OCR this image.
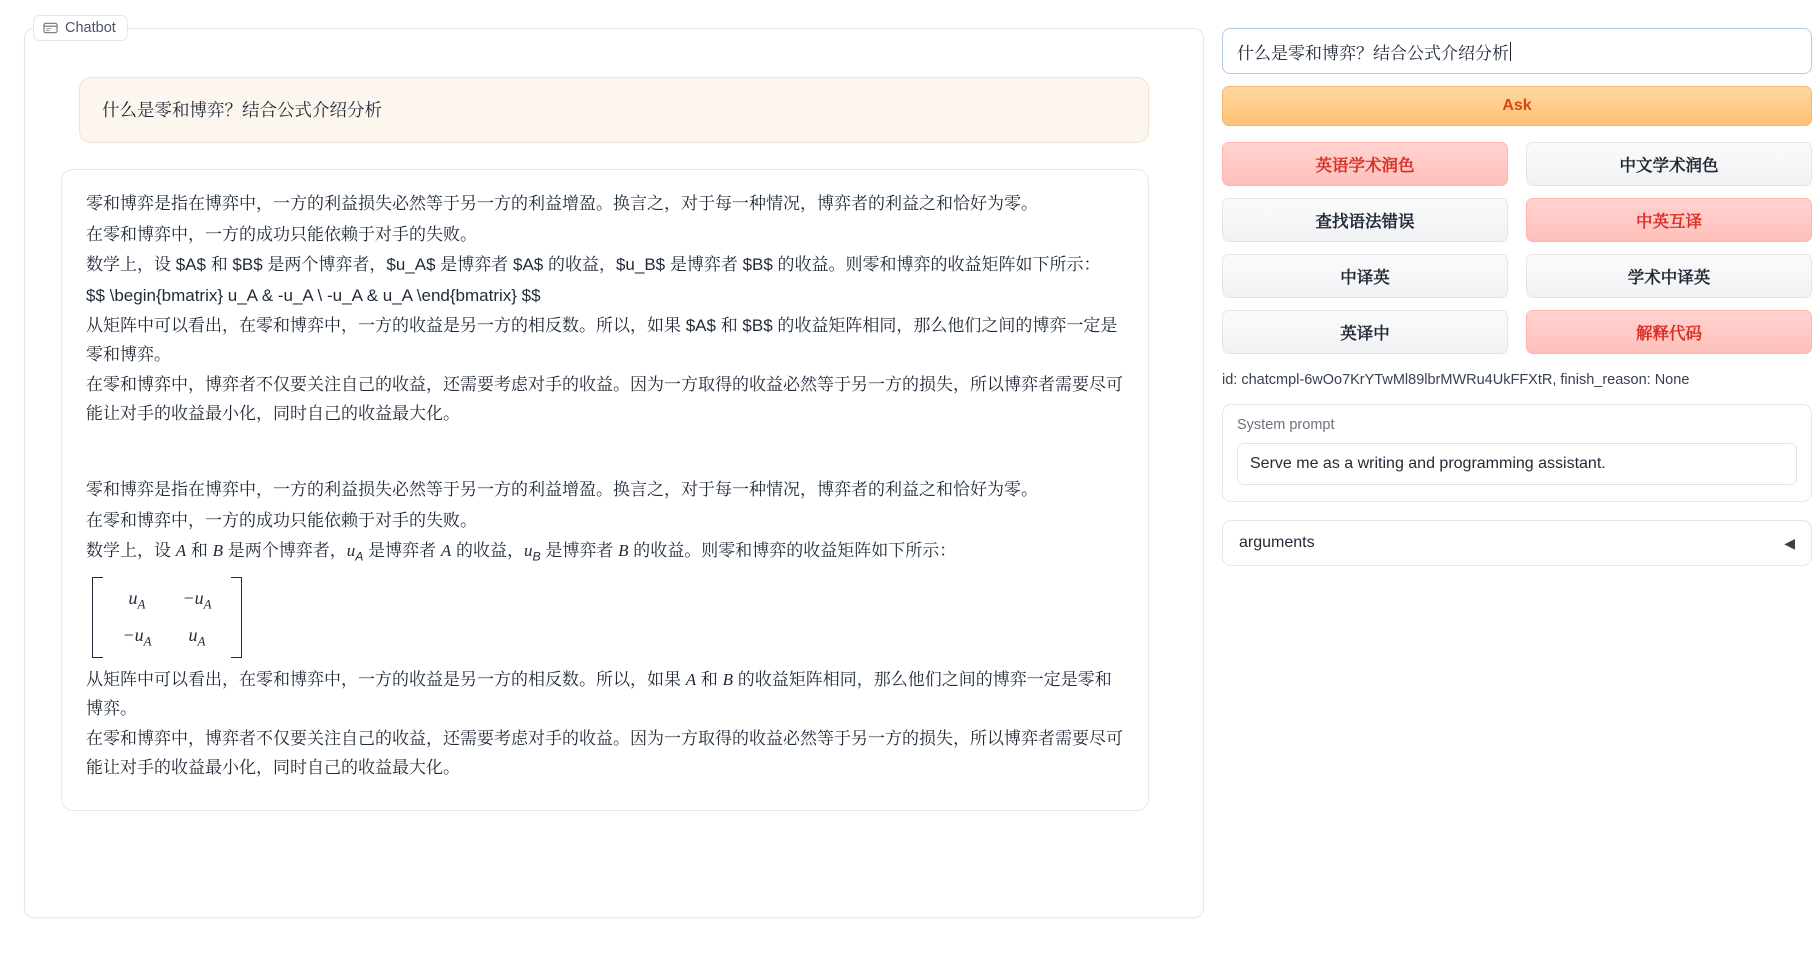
Chatbot
什么是零和博弈？结合公式介绍分析

零和博弈是指在博弈中，一方的利益损失必然等于另一方的利益增盈。换言之，对于每一种情况，博弈者的利益之和恰好为零。

在零和博弈中，一方的成功只能依赖于对手的失败。

数学上，设 $A$ 和 $B$ 是两个博弈者，$u_A$ 是博弈者 $A$ 的收益，$u_B$ 是博弈者 $B$ 的收益。则零和博弈的收益矩阵如下所示：

$$ \begin{bmatrix} u_A & -u_A \ -u_A & u_A \end{bmatrix} $$

从矩阵中可以看出，在零和博弈中，一方的收益是另一方的相反数。所以，如果 $A$ 和 $B$ 的收益矩阵相同，那么他们之间的博弈一定是零和博弈。

在零和博弈中，博弈者不仅要关注自己的收益，还需要考虑对手的收益。因为一方取得的收益必然等于另一方的损失，所以博弈者需要尽可能让对手的收益最小化，同时自己的收益最大化。

零和博弈是指在博弈中，一方的利益损失必然等于另一方的利益增盈。换言之，对于每一种情况，博弈者的利益之和恰好为零。

在零和博弈中，一方的成功只能依赖于对手的失败。

数学上，设 A 和 B 是两个博弈者，$u_A$ 是博弈者 A 的收益，$u_B$ 是博弈者 B 的收益。则零和博弈的收益矩阵如下所示：

$u_A$	$-u_A$
$-u_A$	$u_A$

从矩阵中可以看出，在零和博弈中，一方的收益是另一方的相反数。所以，如果 A 和 B 的收益矩阵相同，那么他们之间的博弈一定是零和博弈。

在零和博弈中，博弈者不仅要关注自己的收益，还需要考虑对手的收益。因为一方取得的收益必然等于另一方的损失，所以博弈者需要尽可能让对手的收益最小化，同时自己的收益最大化。

什么是零和博弈？结合公式介绍分析
Ask
英语学术润色	中文学术润色
查找语法错误	中英互译
中译英	学术中译英
英译中	解释代码
id: chatcmpl-6wOo7KrYTwMl89lbrMWRu4UkFFXtR, finish_reason: None
System prompt
Serve me as a writing and programming assistant.
arguments	◀
